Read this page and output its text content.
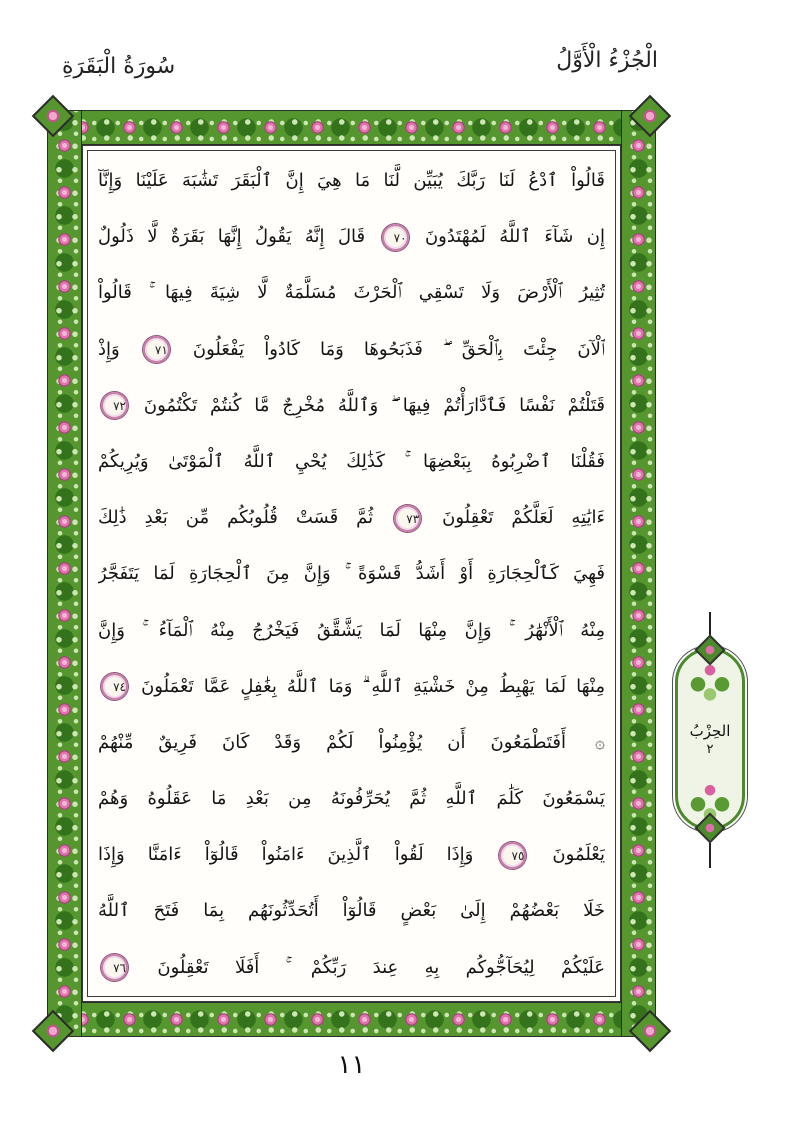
الْجُزْءُ الْأَوَّلُ
سُورَةُ الْبَقَرَةِ
قَالُواْ ٱدْعُ لَنَا رَبَّكَ يُبَيِّن لَّنَا مَا هِيَ إِنَّ ٱلْبَقَرَ تَشَٰبَهَ عَلَيْنَا وَإِنَّآ
إِن شَآءَ ٱللَّهُ لَمُهْتَدُونَ ٧٠ قَالَ إِنَّهُ يَقُولُ إِنَّهَا بَقَرَةٌ لَّا ذَلُولٌ
تُثِيرُ ٱلْأَرْضَ وَلَا تَسْقِي ٱلْحَرْثَ مُسَلَّمَةٌ لَّا شِيَةَ فِيهَا ۚ قَالُواْ
ٱلْآنَ جِئْتَ بِٱلْحَقِّ ۖ فَذَبَحُوهَا وَمَا كَادُواْ يَفْعَلُونَ ٧١ وَإِذْ
قَتَلْتُمْ نَفْسًا فَٱدَّارَأْتُمْ فِيهَا ۖ وَٱللَّهُ مُخْرِجٌ مَّا كُنتُمْ تَكْتُمُونَ ٧٢
فَقُلْنَا ٱضْرِبُوهُ بِبَعْضِهَا ۚ كَذَٰلِكَ يُحْيِ ٱللَّهُ ٱلْمَوْتَىٰ وَيُرِيكُمْ
ءَايَٰتِهِ لَعَلَّكُمْ تَعْقِلُونَ ٧٣ ثُمَّ قَسَتْ قُلُوبُكُم مِّن بَعْدِ ذَٰلِكَ
فَهِيَ كَٱلْحِجَارَةِ أَوْ أَشَدُّ قَسْوَةً ۚ وَإِنَّ مِنَ ٱلْحِجَارَةِ لَمَا يَتَفَجَّرُ
مِنْهُ ٱلْأَنْهَٰرُ ۚ وَإِنَّ مِنْهَا لَمَا يَشَّقَّقُ فَيَخْرُجُ مِنْهُ ٱلْمَآءُ ۚ وَإِنَّ
مِنْهَا لَمَا يَهْبِطُ مِنْ خَشْيَةِ ٱللَّهِ ۗ وَمَا ٱللَّهُ بِغَٰفِلٍ عَمَّا تَعْمَلُونَ ٧٤
۞ أَفَتَطْمَعُونَ أَن يُؤْمِنُواْ لَكُمْ وَقَدْ كَانَ فَرِيقٌ مِّنْهُمْ
يَسْمَعُونَ كَلَٰمَ ٱللَّهِ ثُمَّ يُحَرِّفُونَهُ مِن بَعْدِ مَا عَقَلُوهُ وَهُمْ
يَعْلَمُونَ ٧٥ وَإِذَا لَقُواْ ٱلَّذِينَ ءَامَنُواْ قَالُوٓاْ ءَامَنَّا وَإِذَا
خَلَا بَعْضُهُمْ إِلَىٰ بَعْضٍ قَالُوٓاْ أَتُحَدِّثُونَهُم بِمَا فَتَحَ ٱللَّهُ
عَلَيْكُمْ لِيُحَآجُّوكُم بِهِ عِندَ رَبِّكُمْ ۚ أَفَلَا تَعْقِلُونَ ٧٦
الحِزْبُ
٢
١١
